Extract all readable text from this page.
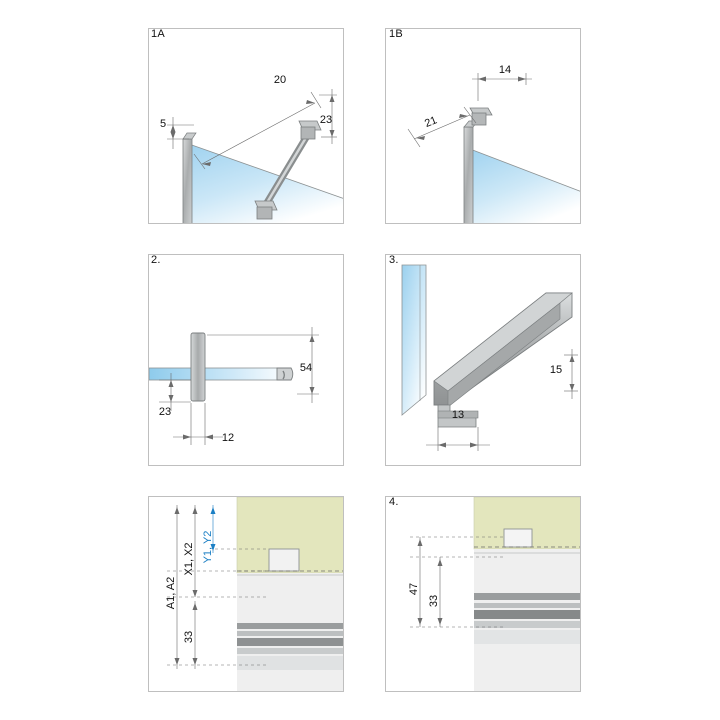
20
5	23
1A
14
21
1B
54
23
12
2.
15
13
3.
A1, A2
X1, X2 Y1, Y2
33
47
33
4.
